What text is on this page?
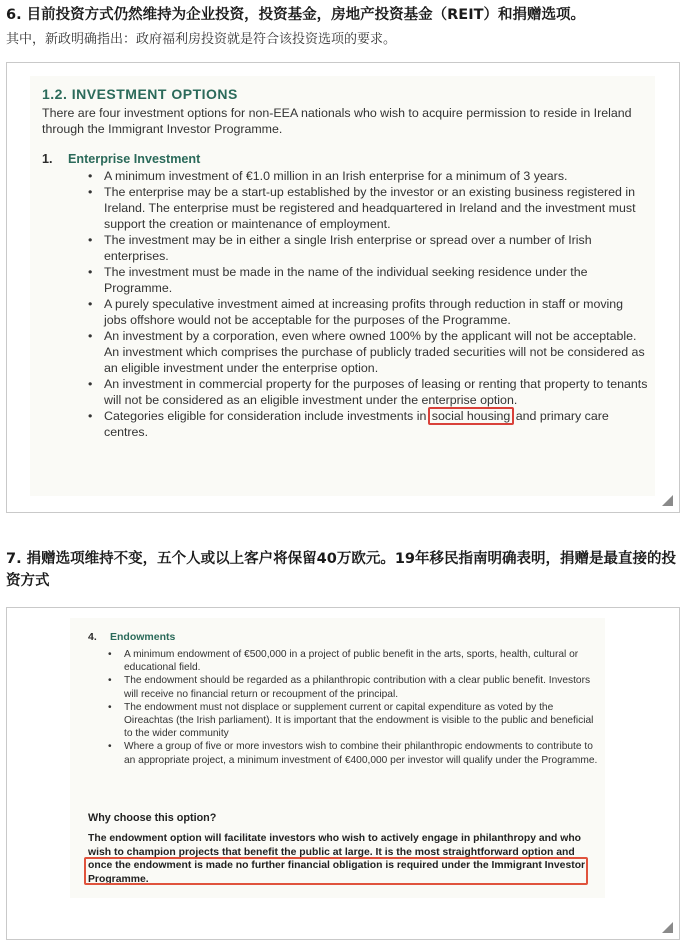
6. 目前投资方式仍然维持为企业投资，投资基金，房地产投资基金（REIT）和捐赠选项。
其中，新政明确指出：政府福利房投资就是符合该投资选项的要求。
1.2. INVESTMENT OPTIONS
There are four investment options for non-EEA nationals who wish to acquire permission to reside in Ireland through the Immigrant Investor Programme.
1. Enterprise Investment
• A minimum investment of €1.0 million in an Irish enterprise for a minimum of 3 years.
• The enterprise may be a start-up established by the investor or an existing business registered in Ireland. The enterprise must be registered and headquartered in Ireland and the investment must support the creation or maintenance of employment.
• The investment may be in either a single Irish enterprise or spread over a number of Irish enterprises.
• The investment must be made in the name of the individual seeking residence under the Programme.
• A purely speculative investment aimed at increasing profits through reduction in staff or moving jobs offshore would not be acceptable for the purposes of the Programme.
• An investment by a corporation, even where owned 100% by the applicant will not be acceptable. An investment which comprises the purchase of publicly traded securities will not be considered as an eligible investment under the enterprise option.
• An investment in commercial property for the purposes of leasing or renting that property to tenants will not be considered as an eligible investment under the enterprise option.
• Categories eligible for consideration include investments in social housing and primary care centres.
7. 捐赠选项维持不变，五个人或以上客户将保留40万欧元。19年移民指南明确表明，捐赠是最直接的投资方式
4. Endowments
• A minimum endowment of €500,000 in a project of public benefit in the arts, sports, health, cultural or educational field.
• The endowment should be regarded as a philanthropic contribution with a clear public benefit. Investors will receive no financial return or recoupment of the principal.
• The endowment must not displace or supplement current or capital expenditure as voted by the Oireachtas (the Irish parliament). It is important that the endowment is visible to the public and beneficial to the wider community
• Where a group of five or more investors wish to combine their philanthropic endowments to contribute to an appropriate project, a minimum investment of €400,000 per investor will qualify under the Programme.
Why choose this option?
The endowment option will facilitate investors who wish to actively engage in philanthropy and who wish to champion projects that benefit the public at large. It is the most straightforward option and once the endowment is made no further financial obligation is required under the Immigrant Investor Programme.
